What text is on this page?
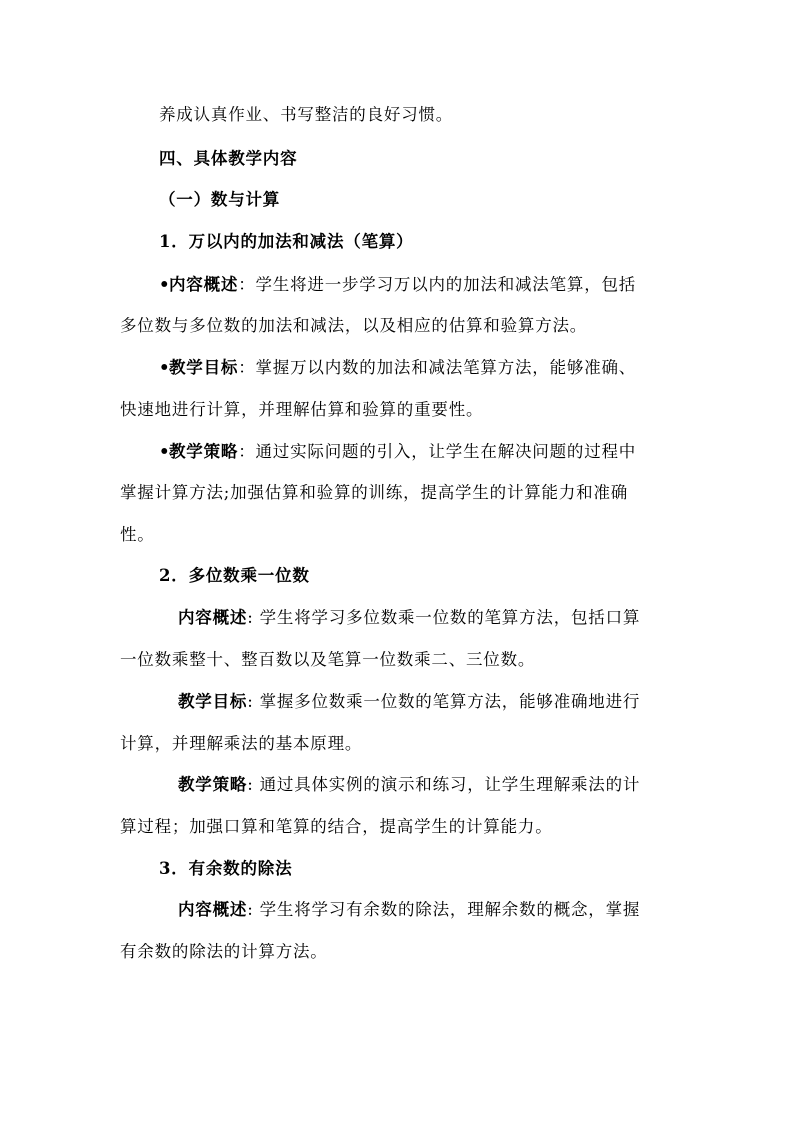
养成认真作业、书写整洁的良好习惯。
四、具体教学内容
（一）数与计算
1．万以内的加法和减法（笔算）
•内容概述：学生将进一步学习万以内的加法和减法笔算，包括
多位数与多位数的加法和减法，以及相应的估算和验算方法。
•教学目标：掌握万以内数的加法和减法笔算方法，能够准确、
快速地进行计算，并理解估算和验算的重要性。
•教学策略：通过实际问题的引入，让学生在解决问题的过程中
掌握计算方法;加强估算和验算的训练，提高学生的计算能力和准确
性。
2．多位数乘一位数
内容概述: 学生将学习多位数乘一位数的笔算方法，包括口算
一位数乘整十、整百数以及笔算一位数乘二、三位数。
教学目标: 掌握多位数乘一位数的笔算方法，能够准确地进行
计算，并理解乘法的基本原理。
教学策略: 通过具体实例的演示和练习，让学生理解乘法的计
算过程；加强口算和笔算的结合，提高学生的计算能力。
3．有余数的除法
内容概述: 学生将学习有余数的除法，理解余数的概念，掌握
有余数的除法的计算方法。
